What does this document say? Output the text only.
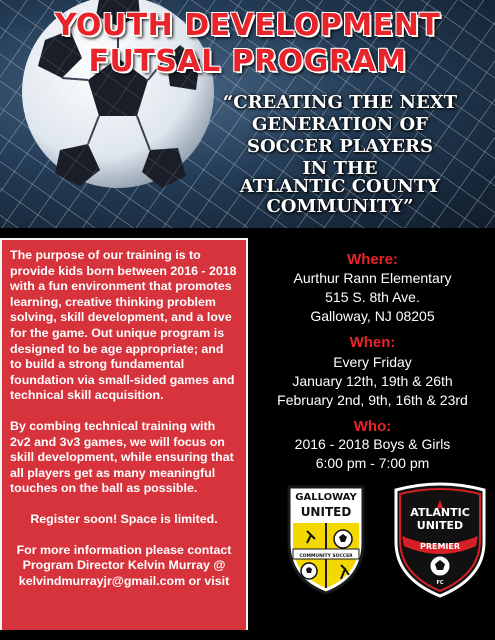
YOUTH DEVELOPMENT
FUTSAL PROGRAM
“CREATING THE NEXT
GENERATION OF
SOCCER PLAYERS
IN THE
ATLANTIC COUNTY
COMMUNITY”

The purpose of our training is to provide kids born between 2016 - 2018 with a fun environment that promotes learning, creative thinking problem solving, skill development, and a love for the game. Out unique program is designed to be age appropriate; and to build a strong fundamental foundation via small-sided games and technical skill acquisition.

By combing technical training with 2v2 and 3v3 games, we will focus on skill development, while ensuring that all players get as many meaningful touches on the ball as possible.

Register soon! Space is limited.

For more information please contact Program Director Kelvin Murray @ kelvindmurrayjr@gmail.com or visit

Where:
Aurthur Rann Elementary
515 S. 8th Ave.
Galloway, NJ 08205
When:
Every Friday
January 12th, 19th & 26th
February 2nd, 9th, 16th & 23rd
Who:
2016 - 2018 Boys & Girls
6:00 pm - 7:00 pm
GALLOWAY
UNITED
COMMUNITY SOCCER
ATLANTIC
UNITED
PREMIER
FC
